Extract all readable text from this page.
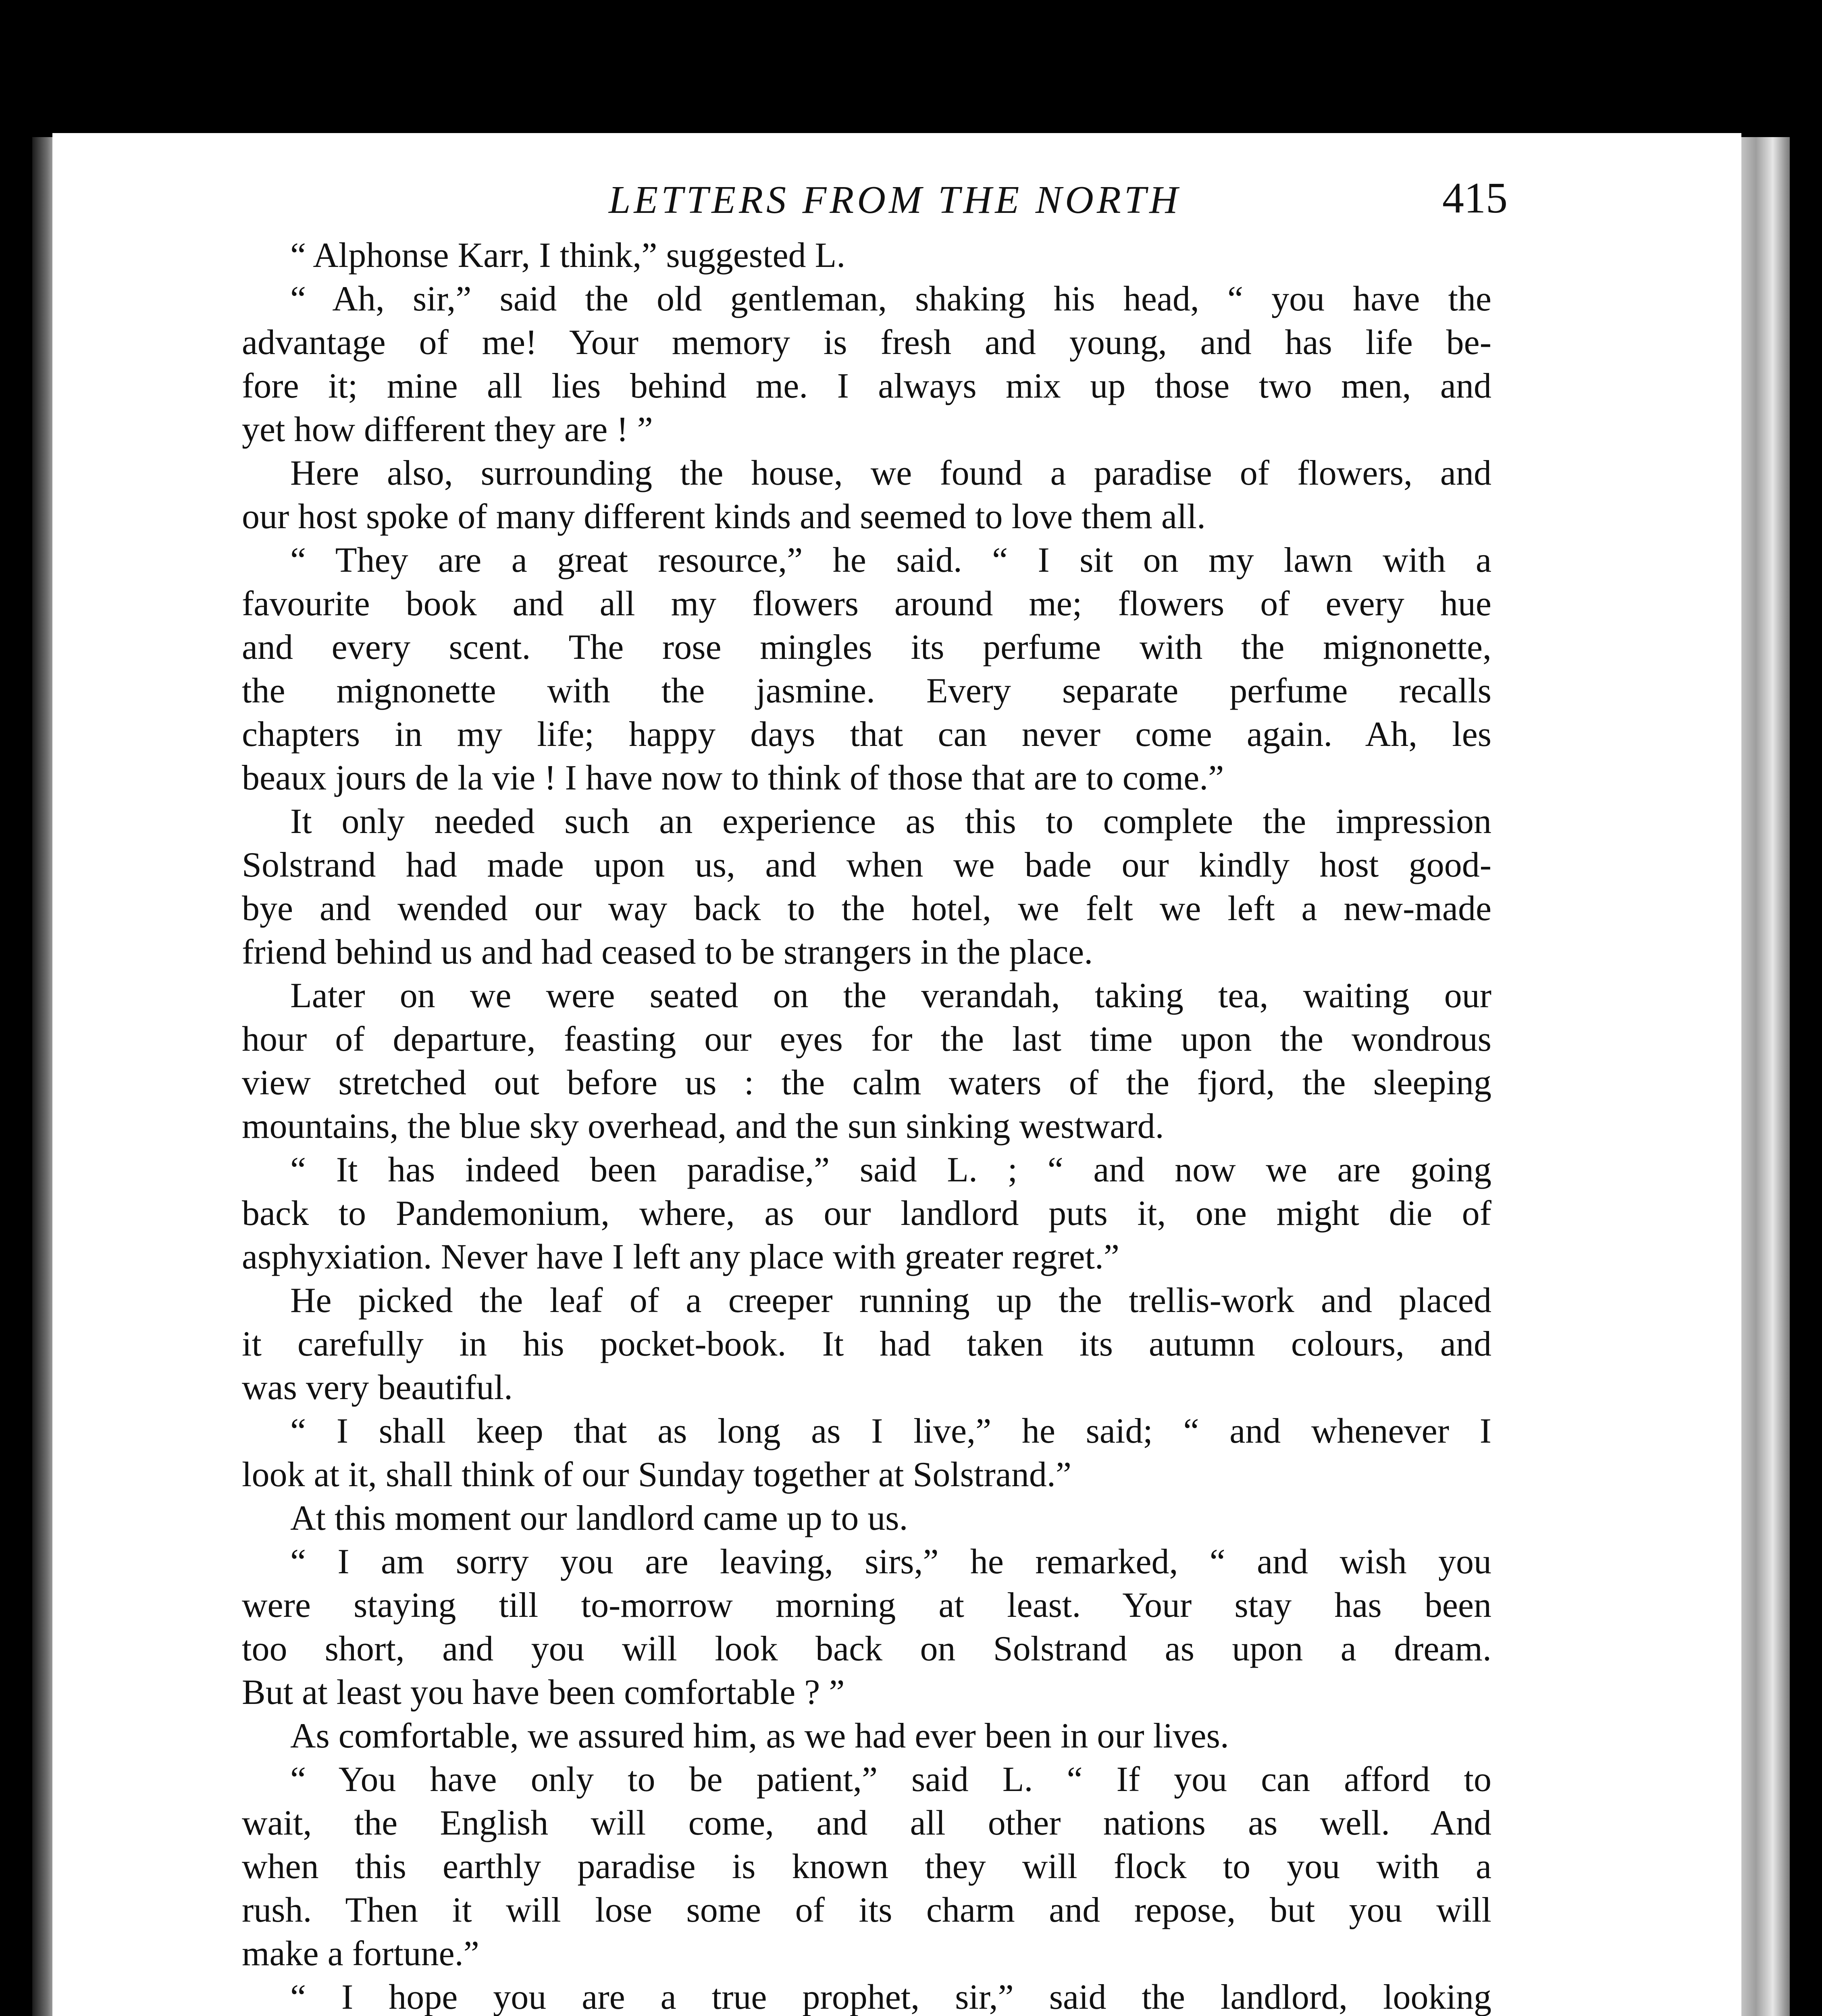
LETTERS FROM THE NORTH	415
“ Alphonse Karr, I think,” suggested L.
“ Ah, sir,” said the old gentleman, shaking his head, “ you have the
advantage of me! Your memory is fresh and young, and has life be-
fore it; mine all lies behind me. I always mix up those two men, and
yet how different they are ! ”
Here also, surrounding the house, we found a paradise of flowers, and
our host spoke of many different kinds and seemed to love them all.
“ They are a great resource,” he said. “ I sit on my lawn with a
favourite book and all my flowers around me; flowers of every hue
and every scent. The rose mingles its perfume with the mignonette,
the mignonette with the jasmine. Every separate perfume recalls
chapters in my life; happy days that can never come again. Ah, les
beaux jours de la vie ! I have now to think of those that are to come.”
It only needed such an experience as this to complete the impression
Solstrand had made upon us, and when we bade our kindly host good-
bye and wended our way back to the hotel, we felt we left a new-made
friend behind us and had ceased to be strangers in the place.
Later on we were seated on the verandah, taking tea, waiting our
hour of departure, feasting our eyes for the last time upon the wondrous
view stretched out before us : the calm waters of the fjord, the sleeping
mountains, the blue sky overhead, and the sun sinking westward.
“ It has indeed been paradise,” said L. ; “ and now we are going
back to Pandemonium, where, as our landlord puts it, one might die of
asphyxiation. Never have I left any place with greater regret.”
He picked the leaf of a creeper running up the trellis-work and placed
it carefully in his pocket-book. It had taken its autumn colours, and
was very beautiful.
“ I shall keep that as long as I live,” he said; “ and whenever I
look at it, shall think of our Sunday together at Solstrand.”
At this moment our landlord came up to us.
“ I am sorry you are leaving, sirs,” he remarked, “ and wish you
were staying till to-morrow morning at least. Your stay has been
too short, and you will look back on Solstrand as upon a dream.
But at least you have been comfortable ? ”
As comfortable, we assured him, as we had ever been in our lives.
“ You have only to be patient,” said L. “ If you can afford to
wait, the English will come, and all other nations as well. And
when this earthly paradise is known they will flock to you with a
rush. Then it will lose some of its charm and repose, but you will
make a fortune.”
“ I hope you are a true prophet, sir,” said the landlord, looking
